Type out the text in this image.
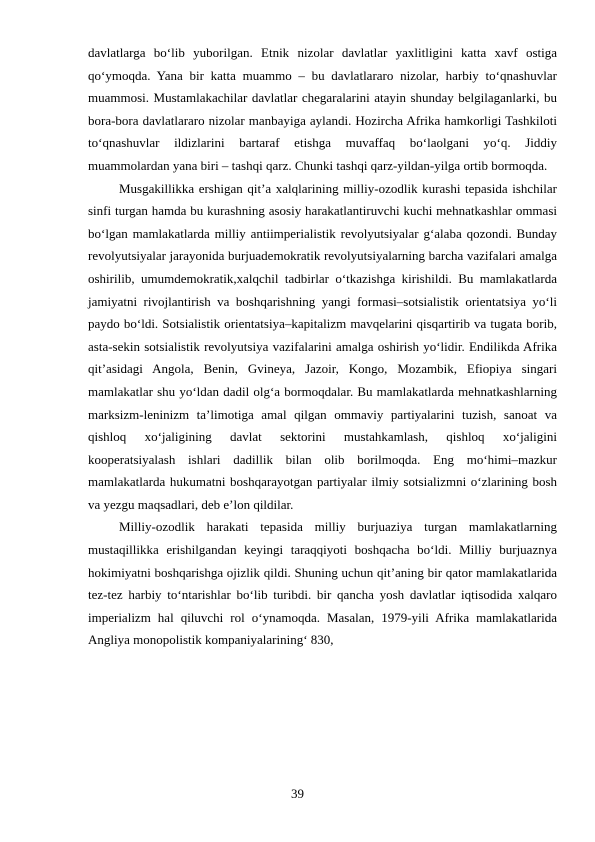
davlatlarga bo‘lib yuborilgan. Etnik nizolar davlatlar yaxlitligini katta xavf ostiga qo‘ymoqda. Yana bir katta muammo – bu davlatlararo nizolar, harbiy to‘qnashuvlar muammosi. Mustamlakachilar davlatlar chegaralarini atayin shunday belgilaganlarki, bu bora-bora davlatlararo nizolar manbayiga aylandi. Hozircha Afrika hamkorligi Tashkiloti to‘qnashuvlar ildizlarini bartaraf etishga muvaffaq bo‘laolgani yo‘q. Jiddiy muammolardan yana biri – tashqi qarz. Chunki tashqi qarz-yildan-yilga ortib bormoqda.

Musgakillikka ershigan qit’a xalqlarining milliy-ozodlik kurashi tepasida ishchilar sinfi turgan hamda bu kurashning asosiy harakatlantiruvchi kuchi mehnatkashlar ommasi bo‘lgan mamlakatlarda milliy antiimperialistik revolyutsiyalar g‘alaba qozondi. Bunday revolyutsiyalar jarayonida burjuademokratik revolyutsiyalarning barcha vazifalari amalga oshirilib, umumdemokratik,xalqchil tadbirlar o‘tkazishga kirishildi. Bu mamlakatlarda jamiyatni rivojlantirish va boshqarishning yangi formasi–sotsialistik orientatsiya yo‘li paydo bo‘ldi. Sotsialistik orientatsiya–kapitalizm mavqelarini qisqartirib va tugata borib, asta-sekin sotsialistik revolyutsiya vazifalarini amalga oshirish yo‘lidir. Endilikda Afrika qit’asidagi Angola, Benin, Gvineya, Jazoir, Kongo, Mozambik, Efiopiya singari mamlakatlar shu yo‘ldan dadil olg‘a bormoqdalar. Bu mamlakatlarda mehnatkashlarning marksizm-leninizm ta’limotiga amal qilgan ommaviy partiyalarini tuzish, sanoat va qishloq xo‘jaligining davlat sektorini mustahkamlash, qishloq xo‘jaligini kooperatsiyalash ishlari dadillik bilan olib borilmoqda. Eng mo‘himi–mazkur mamlakatlarda hukumatni boshqarayotgan partiyalar ilmiy sotsializmni o‘zlarining bosh va yezgu maqsadlari, deb e’lon qildilar.

Milliy-ozodlik harakati tepasida milliy burjuaziya turgan mamlakatlarning mustaqillikka erishilgandan keyingi taraqqiyoti boshqacha bo‘ldi. Milliy burjuaznya hokimiyatni boshqarishga ojizlik qildi. Shuning uchun qit’aning bir qator mamlakatlarida tez-tez harbiy to‘ntarishlar bo‘lib turibdi. bir qancha yosh davlatlar iqtisodida xalqaro imperializm hal qiluvchi rol o‘ynamoqda. Masalan, 1979-yili Afrika mamlakatlarida Angliya monopolistik kompaniyalarining‘ 830,

39
